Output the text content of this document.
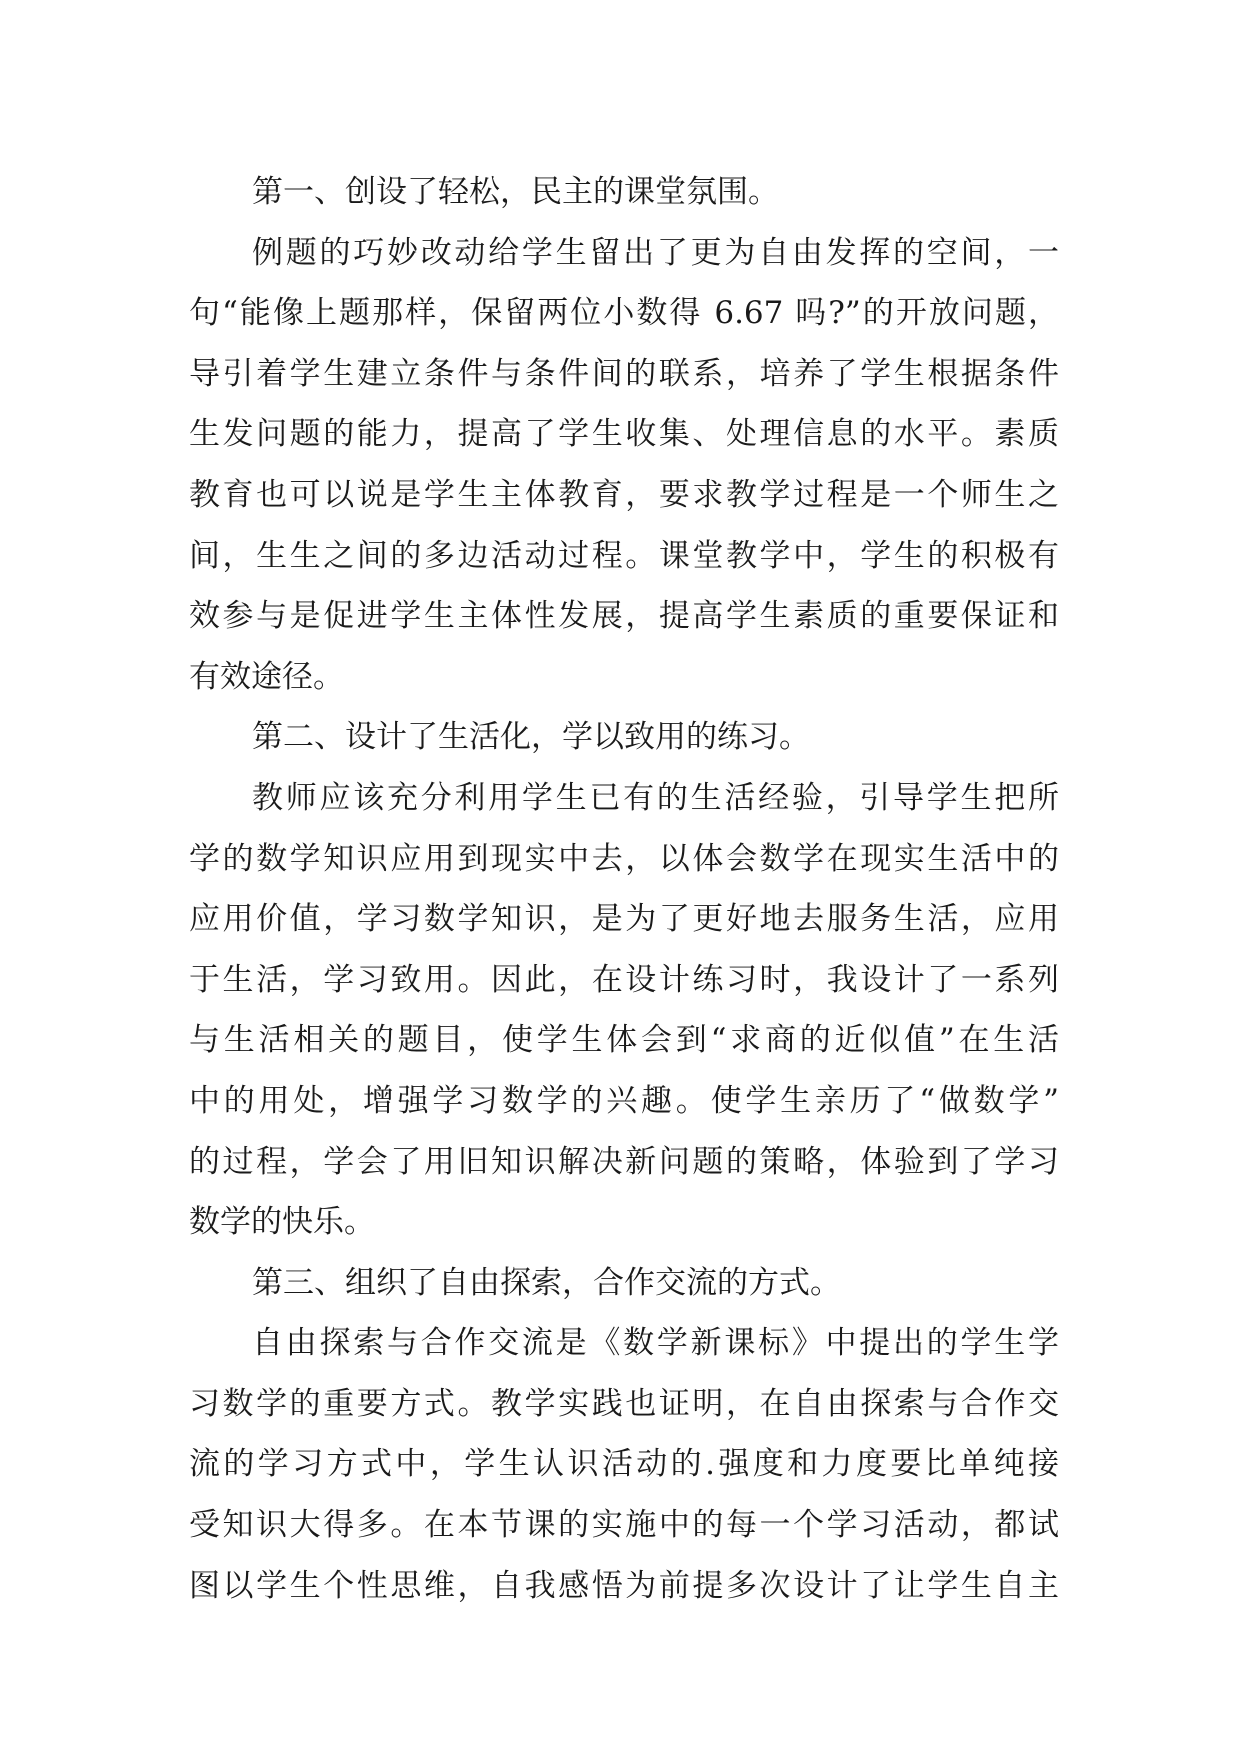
第一、创设了轻松，民主的课堂氛围。
例题的巧妙改动给学生留出了更为自由发挥的空间，一
句“能像上题那样，保留两位小数得 6.67 吗?”的开放问题，
导引着学生建立条件与条件间的联系，培养了学生根据条件
生发问题的能力，提高了学生收集、处理信息的水平。素质
教育也可以说是学生主体教育，要求教学过程是一个师生之
间，生生之间的多边活动过程。课堂教学中，学生的积极有
效参与是促进学生主体性发展，提高学生素质的重要保证和
有效途径。
第二、设计了生活化，学以致用的练习。
教师应该充分利用学生已有的生活经验，引导学生把所
学的数学知识应用到现实中去，以体会数学在现实生活中的
应用价值，学习数学知识，是为了更好地去服务生活，应用
于生活，学习致用。因此，在设计练习时，我设计了一系列
与生活相关的题目，使学生体会到“求商的近似值”在生活
中的用处，增强学习数学的兴趣。使学生亲历了“做数学”
的过程，学会了用旧知识解决新问题的策略，体验到了学习
数学的快乐。
第三、组织了自由探索，合作交流的方式。
自由探索与合作交流是《数学新课标》中提出的学生学
习数学的重要方式。教学实践也证明，在自由探索与合作交
流的学习方式中，学生认识活动的.强度和力度要比单纯接
受知识大得多。在本节课的实施中的每一个学习活动，都试
图以学生个性思维，自我感悟为前提多次设计了让学生自主
